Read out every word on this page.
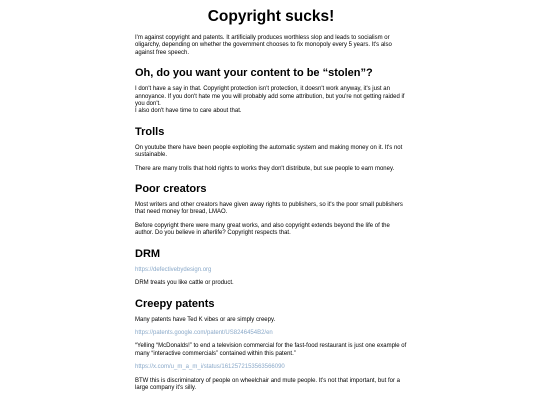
Copyright sucks!

I'm against copyright and patents. It artificially produces worthless slop and leads to socialism or oligarchy, depending on whether the government chooses to fix monopoly every 5 years. It's also against free speech.

Oh, do you want your content to be “stolen”?

I don't have a say in that. Copyright protection isn't protection, it doesn't work anyway, it's just an annoyance. If you don't hate me you will probably add some attribution, but you're not getting raided if you don't.
I also don't have time to care about that.

Trolls

On youtube there have been people exploiting the automatic system and making money on it. It's not sustainable.

There are many trolls that hold rights to works they don't distribute, but sue people to earn money.

Poor creators

Most writers and other creators have given away rights to publishers, so it's the poor small publishers that need money for bread, LMAO.

Before copyright there were many great works, and also copyright extends beyond the life of the author. Do you believe in afterlife? Copyright respects that.

DRM

https://defectivebydesign.org

DRM treats you like cattle or product.

Creepy patents

Many patents have Ted K vibes or are simply creepy.

https://patents.google.com/patent/US8246454B2/en

“Yelling “McDonalds!” to end a television commercial for the fast-food restaurant is just one example of many “interactive commercials” contained within this patent.”

https://x.com/u_m_a_m_i/status/1612572153563566090

BTW this is discriminatory of people on wheelchair and mute people. It's not that important, but for a large company it's silly.
